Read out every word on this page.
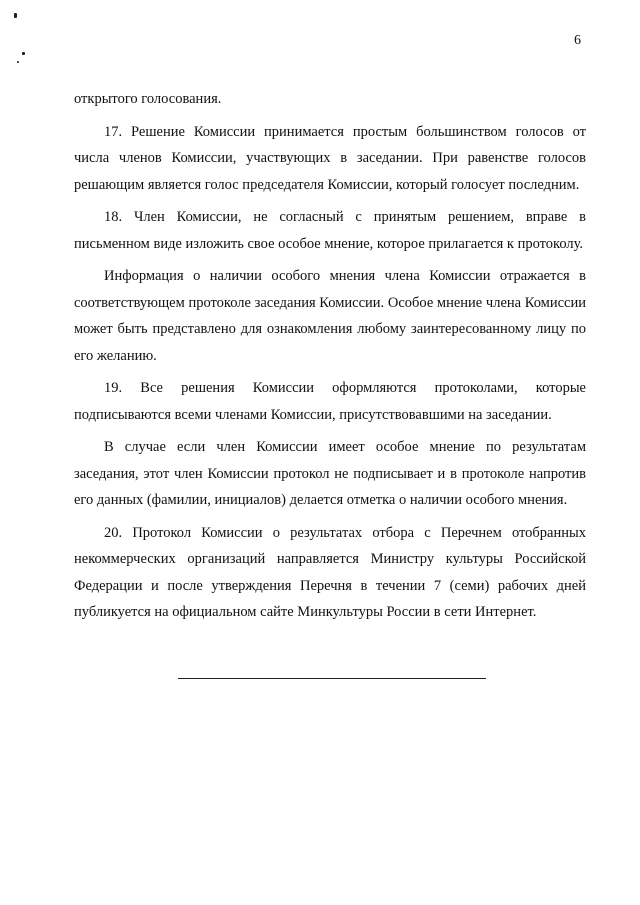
6

открытого голосования.

17. Решение Комиссии принимается простым большинством голосов от числа членов Комиссии, участвующих в заседании. При равенстве голосов решающим является голос председателя Комиссии, который голосует последним.

18. Член Комиссии, не согласный с принятым решением, вправе в письменном виде изложить свое особое мнение, которое прилагается к протоколу.

Информация о наличии особого мнения члена Комиссии отражается в соответствующем протоколе заседания Комиссии. Особое мнение члена Комиссии может быть представлено для ознакомления любому заинтересованному лицу по его желанию.

19. Все решения Комиссии оформляются протоколами, которые подписываются всеми членами Комиссии, присутствовавшими на заседании.

В случае если член Комиссии имеет особое мнение по результатам заседания, этот член Комиссии протокол не подписывает и в протоколе напротив его данных (фамилии, инициалов) делается отметка о наличии особого мнения.

20. Протокол Комиссии о результатах отбора с Перечнем отобранных некоммерческих организаций направляется Министру культуры Российской Федерации и после утверждения Перечня в течении 7 (семи) рабочих дней публикуется на официальном сайте Минкультуры России в сети Интернет.
